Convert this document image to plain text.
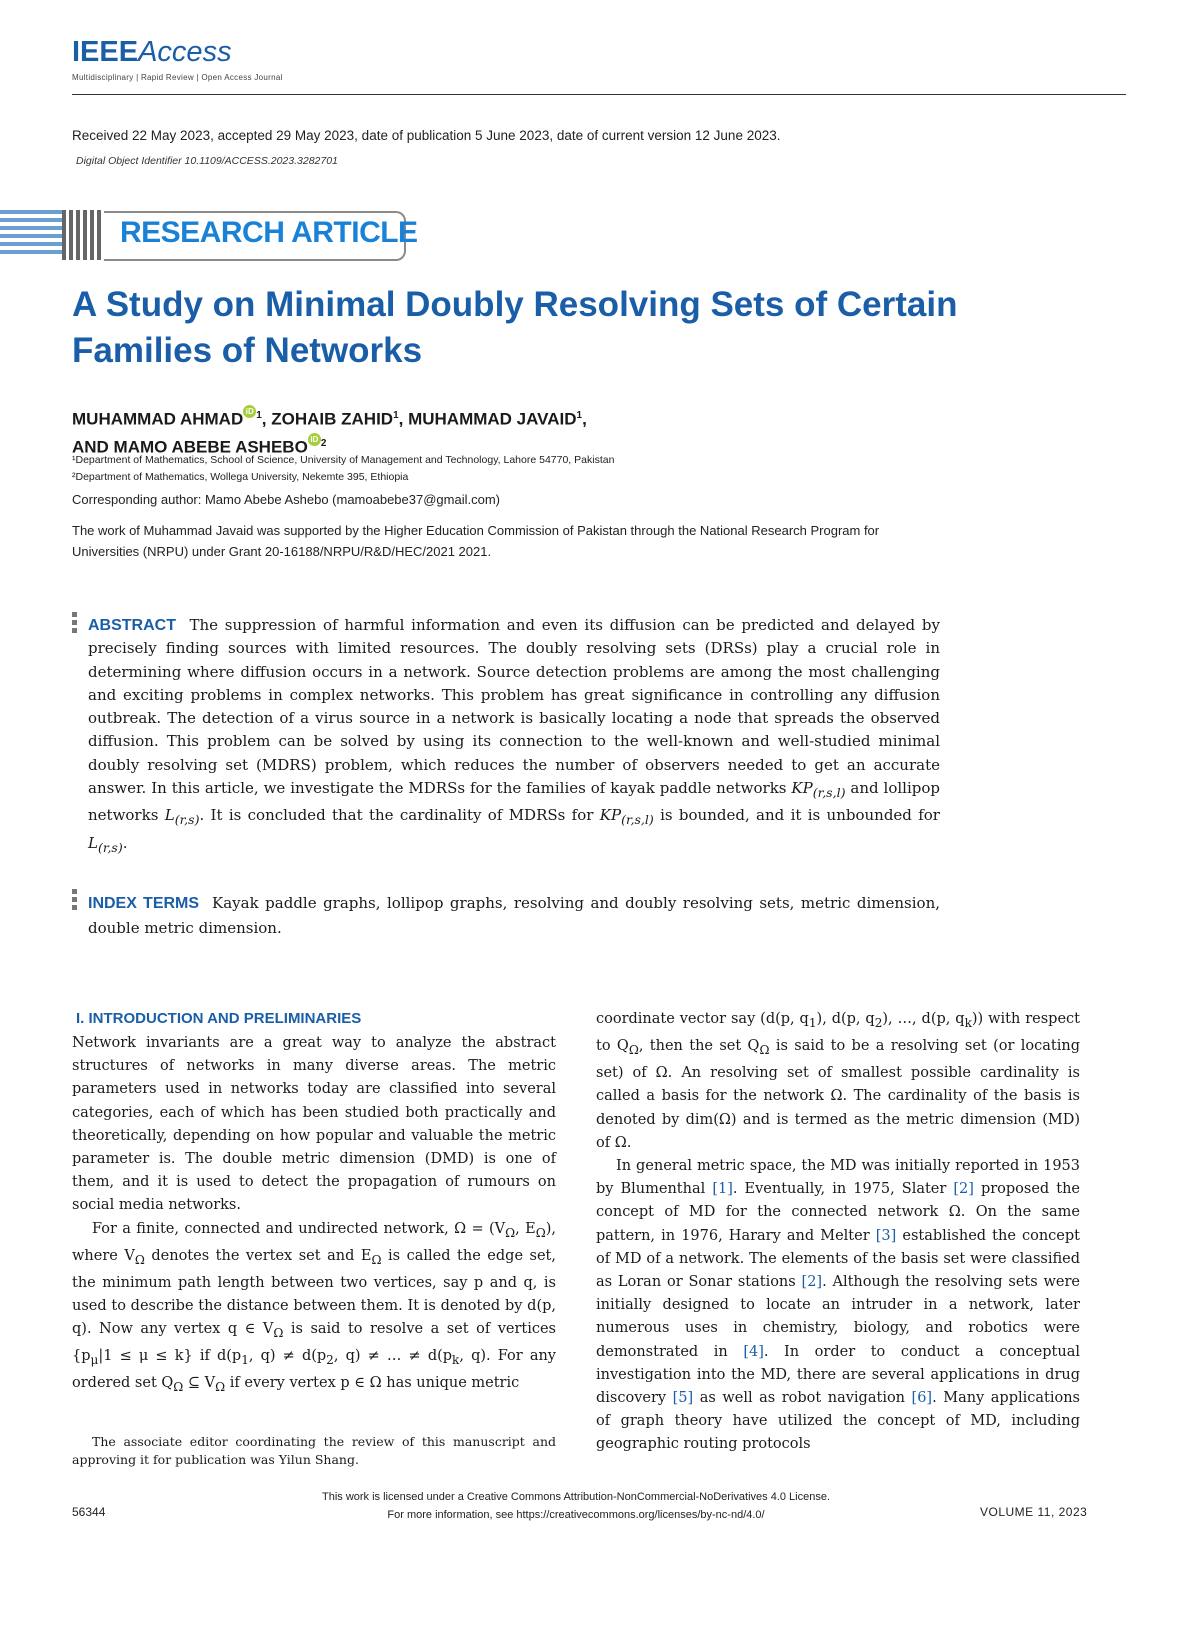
IEEEAccess
Multidisciplinary | Rapid Review | Open Access Journal
Received 22 May 2023, accepted 29 May 2023, date of publication 5 June 2023, date of current version 12 June 2023.
Digital Object Identifier 10.1109/ACCESS.2023.3282701
RESEARCH ARTICLE
A Study on Minimal Doubly Resolving Sets of Certain Families of Networks
MUHAMMAD AHMAD iD $^1$, ZOHAIB ZAHID$^1$, MUHAMMAD JAVAID$^1$,
AND MAMO ABEBE ASHEBO iD $^2$
¹Department of Mathematics, School of Science, University of Management and Technology, Lahore 54770, Pakistan
²Department of Mathematics, Wollega University, Nekemte 395, Ethiopia
Corresponding author: Mamo Abebe Ashebo (mamoabebe37@gmail.com)
The work of Muhammad Javaid was supported by the Higher Education Commission of Pakistan through the National Research Program for Universities (NRPU) under Grant 20-16188/NRPU/R&D/HEC/2021 2021.
ABSTRACT The suppression of harmful information and even its diffusion can be predicted and delayed by precisely finding sources with limited resources. The doubly resolving sets (DRSs) play a crucial role in determining where diffusion occurs in a network. Source detection problems are among the most challenging and exciting problems in complex networks. This problem has great significance in controlling any diffusion outbreak. The detection of a virus source in a network is basically locating a node that spreads the observed diffusion. This problem can be solved by using its connection to the well-known and well-studied minimal doubly resolving set (MDRS) problem, which reduces the number of observers needed to get an accurate answer. In this article, we investigate the MDRSs for the families of kayak paddle networks $KP_{(r,s,l)}$ and lollipop networks $L_{(r,s)}$. It is concluded that the cardinality of MDRSs for $KP_{(r,s,l)}$ is bounded, and it is unbounded for $L_{(r,s)}$.
INDEX TERMS Kayak paddle graphs, lollipop graphs, resolving and doubly resolving sets, metric dimension, double metric dimension.
I. INTRODUCTION AND PRELIMINARIES

Network invariants are a great way to analyze the abstract structures of networks in many diverse areas. The metric parameters used in networks today are classified into several categories, each of which has been studied both practically and theoretically, depending on how popular and valuable the metric parameter is. The double metric dimension (DMD) is one of them, and it is used to detect the propagation of rumours on social media networks.

For a finite, connected and undirected network, $\Omega = (V_\Omega$, $E_\Omega$), where $V_\Omega$ denotes the vertex set and $E_\Omega$ is called the edge set, the minimum path length between two vertices, say p and q, is used to describe the distance between them. It is denoted by d(p, q). Now any vertex q ∈ $V_\Omega$ is said to resolve a set of vertices $\{p_\mu|1 \le \mu \le k\}$ if $d(p_1$, $q) \ne d(p_2$, q) ≠ … ≠ $d(p_k$, q). For any ordered set $Q_\Omega$ ⊆ $V_\Omega$ if every vertex p ∈ Ω has unique metric

The associate editor coordinating the review of this manuscript and approving it for publication was Yilun Shang.

coordinate vector say (d(p, $q_1$), d(p, $q_2$), …, d(p, $q_k$)) with respect to $Q_\Omega$, then the set $Q_\Omega$ is said to be a resolving set (or locating set) of Ω. An resolving set of smallest possible cardinality is called a basis for the network Ω. The cardinality of the basis is denoted by dim(Ω) and is termed as the metric dimension (MD) of Ω.

In general metric space, the MD was initially reported in 1953 by Blumenthal [1]. Eventually, in 1975, Slater [2] proposed the concept of MD for the connected network Ω. On the same pattern, in 1976, Harary and Melter [3] established the concept of MD of a network. The elements of the basis set were classified as Loran or Sonar stations [2]. Although the resolving sets were initially designed to locate an intruder in a network, later numerous uses in chemistry, biology, and robotics were demonstrated in [4]. In order to conduct a conceptual investigation into the MD, there are several applications in drug discovery [5] as well as robot navigation [6]. Many applications of graph theory have utilized the concept of MD, including geographic routing protocols

This work is licensed under a Creative Commons Attribution-NonCommercial-NoDerivatives 4.0 License.
For more information, see https://creativecommons.org/licenses/by-nc-nd/4.0/
56344	VOLUME 11, 2023
